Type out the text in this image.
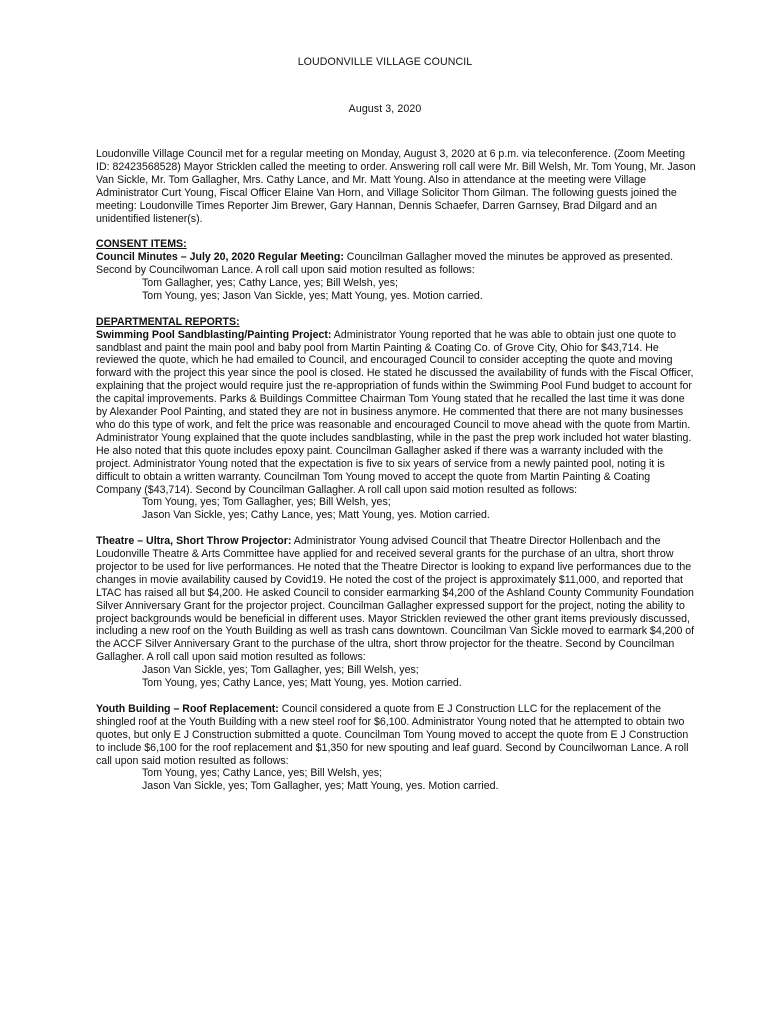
LOUDONVILLE VILLAGE COUNCIL
August 3, 2020

Loudonville Village Council met for a regular meeting on Monday, August 3, 2020 at 6 p.m. via teleconference. (Zoom Meeting ID: 82423568528) Mayor Stricklen called the meeting to order. Answering roll call were Mr. Bill Welsh, Mr. Tom Young, Mr. Jason Van Sickle, Mr. Tom Gallagher, Mrs. Cathy Lance, and Mr. Matt Young. Also in attendance at the meeting were Village Administrator Curt Young, Fiscal Officer Elaine Van Horn, and Village Solicitor Thom Gilman. The following guests joined the meeting: Loudonville Times Reporter Jim Brewer, Gary Hannan, Dennis Schaefer, Darren Garnsey, Brad Dilgard and an unidentified listener(s).

CONSENT ITEMS:

Council Minutes – July 20, 2020 Regular Meeting: Councilman Gallagher moved the minutes be approved as presented. Second by Councilwoman Lance. A roll call upon said motion resulted as follows:

Tom Gallagher, yes; Cathy Lance, yes; Bill Welsh, yes;
Tom Young, yes; Jason Van Sickle, yes; Matt Young, yes. Motion carried.

DEPARTMENTAL REPORTS:

Swimming Pool Sandblasting/Painting Project: Administrator Young reported that he was able to obtain just one quote to sandblast and paint the main pool and baby pool from Martin Painting & Coating Co. of Grove City, Ohio for $43,714. He reviewed the quote, which he had emailed to Council, and encouraged Council to consider accepting the quote and moving forward with the project this year since the pool is closed. He stated he discussed the availability of funds with the Fiscal Officer, explaining that the project would require just the re-appropriation of funds within the Swimming Pool Fund budget to account for the capital improvements. Parks & Buildings Committee Chairman Tom Young stated that he recalled the last time it was done by Alexander Pool Painting, and stated they are not in business anymore. He commented that there are not many businesses who do this type of work, and felt the price was reasonable and encouraged Council to move ahead with the quote from Martin. Administrator Young explained that the quote includes sandblasting, while in the past the prep work included hot water blasting. He also noted that this quote includes epoxy paint. Councilman Gallagher asked if there was a warranty included with the project. Administrator Young noted that the expectation is five to six years of service from a newly painted pool, noting it is difficult to obtain a written warranty. Councilman Tom Young moved to accept the quote from Martin Painting & Coating Company ($43,714). Second by Councilman Gallagher. A roll call upon said motion resulted as follows:

Tom Young, yes; Tom Gallagher, yes; Bill Welsh, yes;
Jason Van Sickle, yes; Cathy Lance, yes; Matt Young, yes. Motion carried.

Theatre – Ultra, Short Throw Projector: Administrator Young advised Council that Theatre Director Hollenbach and the Loudonville Theatre & Arts Committee have applied for and received several grants for the purchase of an ultra, short throw projector to be used for live performances. He noted that the Theatre Director is looking to expand live performances due to the changes in movie availability caused by Covid19. He noted the cost of the project is approximately $11,000, and reported that LTAC has raised all but $4,200. He asked Council to consider earmarking $4,200 of the Ashland County Community Foundation Silver Anniversary Grant for the projector project. Councilman Gallagher expressed support for the project, noting the ability to project backgrounds would be beneficial in different uses. Mayor Stricklen reviewed the other grant items previously discussed, including a new roof on the Youth Building as well as trash cans downtown. Councilman Van Sickle moved to earmark $4,200 of the ACCF Silver Anniversary Grant to the purchase of the ultra, short throw projector for the theatre. Second by Councilman Gallagher. A roll call upon said motion resulted as follows:

Jason Van Sickle, yes; Tom Gallagher, yes; Bill Welsh, yes;
Tom Young, yes; Cathy Lance, yes; Matt Young, yes. Motion carried.

Youth Building – Roof Replacement: Council considered a quote from E J Construction LLC for the replacement of the shingled roof at the Youth Building with a new steel roof for $6,100. Administrator Young noted that he attempted to obtain two quotes, but only E J Construction submitted a quote. Councilman Tom Young moved to accept the quote from E J Construction to include $6,100 for the roof replacement and $1,350 for new spouting and leaf guard. Second by Councilwoman Lance. A roll call upon said motion resulted as follows:

Tom Young, yes; Cathy Lance, yes; Bill Welsh, yes;
Jason Van Sickle, yes; Tom Gallagher, yes; Matt Young, yes. Motion carried.
